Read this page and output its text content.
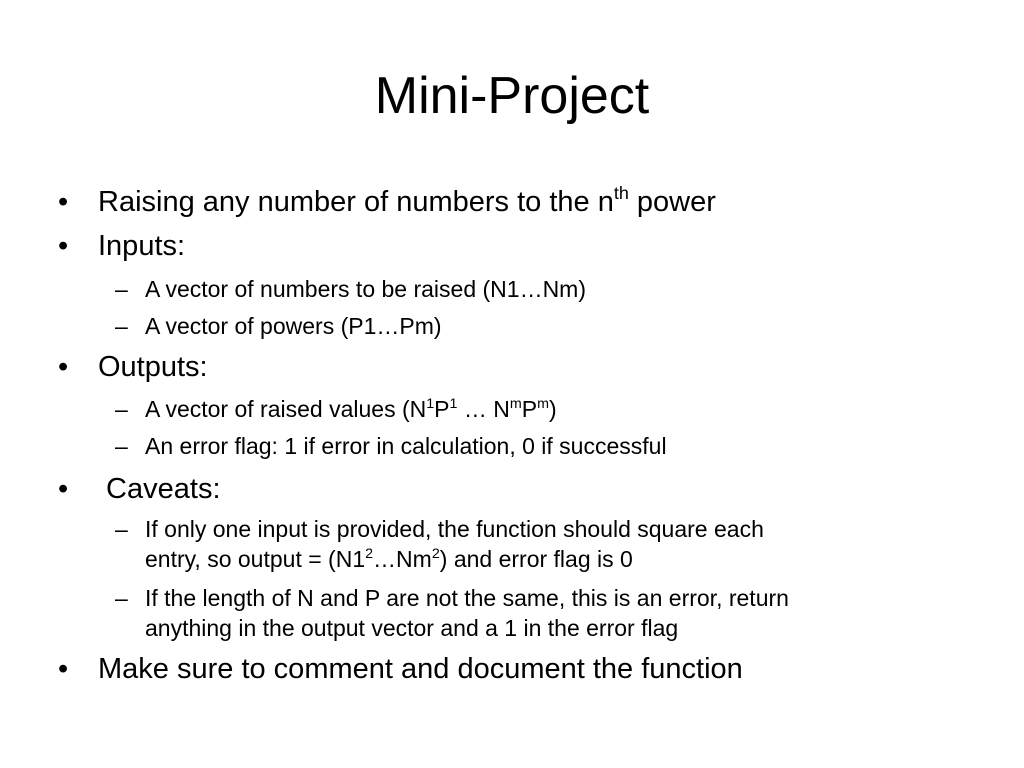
Mini-Project
• Raising any number of numbers to the $n^{th}$ power
• Inputs:
– A vector of numbers to be raised (N1…Nm)
– A vector of powers (P1…Pm)
• Outputs:
– A vector of raised values ($N^1P^1$ … $N^mP^m$)
– An error flag: 1 if error in calculation, 0 if successful
• Caveats:
– If only one input is provided, the function should square each
entry, so output = $(N1^2\dots Nm^2)$ and error flag is 0
– If the length of N and P are not the same, this is an error, return
anything in the output vector and a 1 in the error flag
• Make sure to comment and document the function
